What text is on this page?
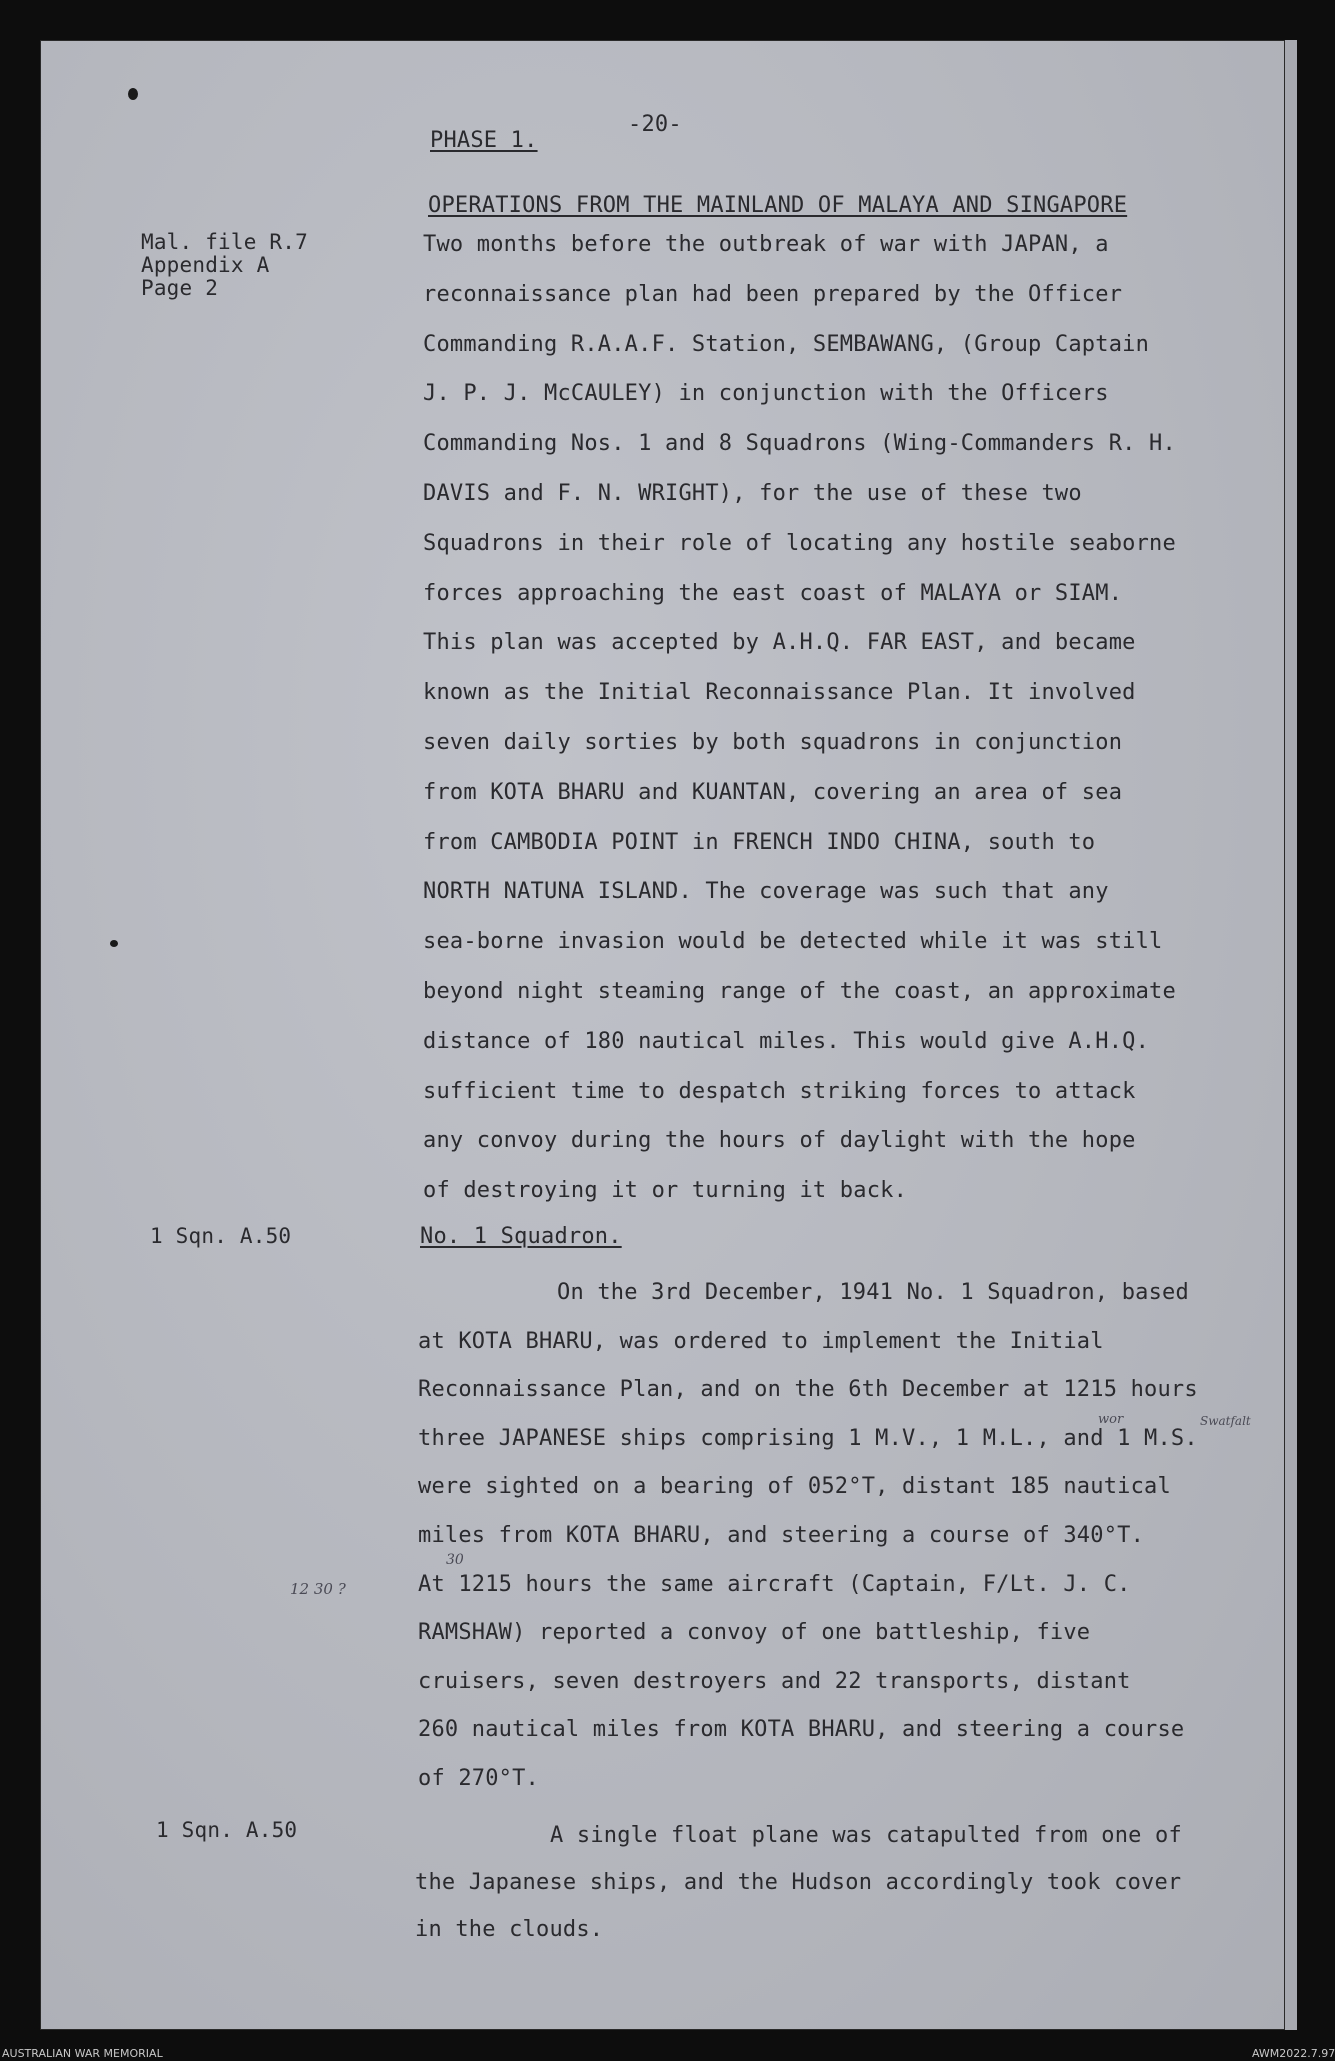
-20-
PHASE 1.
OPERATIONS FROM THE MAINLAND OF MALAYA AND SINGAPORE
Mal. file R.7
Appendix A
Page 2
Two months before the outbreak of war with JAPAN, a
reconnaissance plan had been prepared by the Officer
Commanding R.A.A.F. Station, SEMBAWANG, (Group Captain
J. P. J. McCAULEY) in conjunction with the Officers
Commanding Nos. 1 and 8 Squadrons (Wing-Commanders R. H.
DAVIS and F. N. WRIGHT), for the use of these two
Squadrons in their role of locating any hostile seaborne
forces approaching the east coast of MALAYA or SIAM.
This plan was accepted by A.H.Q. FAR EAST, and became
known as the Initial Reconnaissance Plan. It involved
seven daily sorties by both squadrons in conjunction
from KOTA BHARU and KUANTAN, covering an area of sea
from CAMBODIA POINT in FRENCH INDO CHINA, south to
NORTH NATUNA ISLAND. The coverage was such that any
sea-borne invasion would be detected while it was still
beyond night steaming range of the coast, an approximate
distance of 180 nautical miles. This would give A.H.Q.
sufficient time to despatch striking forces to attack
any convoy during the hours of daylight with the hope
of destroying it or turning it back.
1 Sqn. A.50	No. 1 Squadron.
On the 3rd December, 1941 No. 1 Squadron, based
at KOTA BHARU, was ordered to implement the Initial
Reconnaissance Plan, and on the 6th December at 1215 hours
three JAPANESE ships comprising 1 M.V., 1 M.L., and 1 M.S.
were sighted on a bearing of 052°T, distant 185 nautical
miles from KOTA BHARU, and steering a course of 340°T.
At 1215 hours the same aircraft (Captain, F/Lt. J. C.
RAMSHAW) reported a convoy of one battleship, five
cruisers, seven destroyers and 22 transports, distant
260 nautical miles from KOTA BHARU, and steering a course
of 270°T.
12 30 ?
30
wor	Swatfalt
1 Sqn. A.50	A single float plane was catapulted from one of
the Japanese ships, and the Hudson accordingly took cover
in the clouds.
AUSTRALIAN WAR MEMORIAL	AWM2022.7.97
